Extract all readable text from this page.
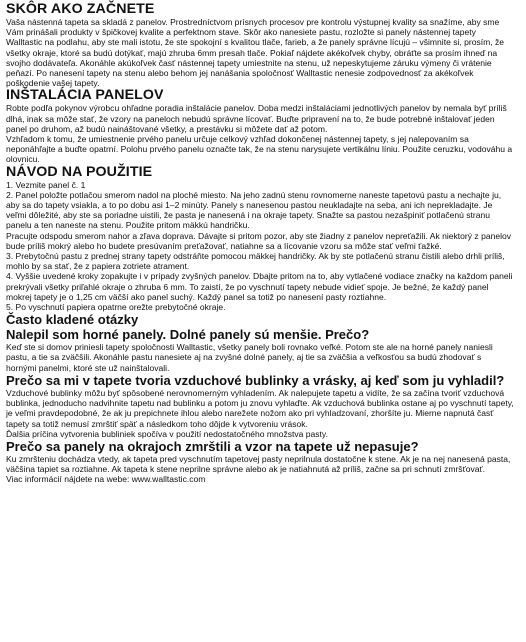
SKÔR AKO ZAČNETE

Vaša nástenná tapeta sa skladá z panelov. Prostredníctvom prísnych procesov pre kontrolu výstupnej kvality sa snažíme, aby sme Vám prinášali produkty v špičkovej kvalite a perfektnom stave. Skôr ako nanesiete pastu, rozložte si panely nástennej tapety Walltastic na podlahu, aby ste mali istotu, že ste spokojní s kvalitou tlače, farieb, a že panely správne lícujú – všimnite si, prosím, že všetky okraje, ktoré sa budú dotýkať, majú zhruba 6mm presah tlače. Pokiaľ nájdete akékoľvek chyby, obráťte sa prosím ihneď na svojho dodávateľa. Akonáhle akúkoľvek časť nástennej tapety umiestnite na stenu, už nepeskytujeme záruku výmeny či vrátenie peňazí. Po nanesení tapety na stenu alebo behom jej nanášania spoločnosť Walltastic nenesie zodpovednosť za akékoľvek poškodenie vašej tapety.

INŠTALÁCIA PANELOV

Robte podľa pokynov výrobcu ohľadne poradia inštalácie panelov. Doba medzi inštaláciami jednotlivých panelov by nemala byť príliš dlhá, inak sa môže stať, že vzory na paneloch nebudú správne lícovať. Buďte pripravení na to, že bude potrebné inštalovať jeden panel po druhom, až budú naináštované všetky, a prestávku si môžete dať až potom.

Vzhľadom k tomu, že umiestnenie prvého panelu určuje celkový vzhľad dokončenej nástennej tapety, s jej nalepovaním sa neponáhľajte a buďte opatrní. Polohu prvého panelu označte tak, že na stenu narysujete vertikálnu líniu. Použite ceruzku, vodováhu a olovnicu.

NÁVOD NA POUŽITIE

1. Vezmite panel č. 1

2. Panel položte potlačou smerom nadol na ploché miesto. Na jeho zadnú stenu rovnomerne naneste tapetovú pastu a nechajte ju, aby sa do tapety vsiakla, a to po dobu asi 1–2 minúty. Panely s nanesenou pastou neukladajte na seba, ani ich neprekladajte. Je veľmi dôležité, aby ste sa poriadne uistili, že pasta je nanesená i na okraje tapety. Snažte sa pastou nezašpiniť potlačenú stranu panelu a ten naneste na stenu. Použite pritom mäkkú handričku.

Pracujte odspodu smerom nahor a zľava doprava. Dávajte si pritom pozor, aby ste žiadny z panelov nepreťažili. Ak niektorý z panelov bude príliš mokrý alebo ho budete presúvaním preťažovať, natiahne sa a lícovanie vzoru sa môže stať veľmi ťažké.

3. Prebytočnú pastu z prednej strany tapety odstráňte pomocou mäkkej handričky. Ak by ste potlačenú stranu čistili alebo drhli príliš, mohlo by sa stať, že z papiera zotriete atrament.

4. Vyššie uvedené kroky zopakujte i v prípady zvyšných panelov. Dbajte pritom na to, aby vytlačené vodiace značky na každom paneli prekrývali všetky priľahlé okraje o zhruba 6 mm. To zaistí, že po vyschnutí tapety nebude vidieť spoje. Je bežné, že každý panel mokrej tapety je o 1,25 cm väčší ako panel suchý. Každý panel sa totiž po nanesení pasty roztiahne.

5. Po vyschnutí papiera opatrne orežte prebytočné okraje.

Často kladené otázky
Nalepil som horné panely. Dolné panely sú menšie. Prečo?

Keď ste si domov priniesli tapety spoločnosti Walltastic, všetky panely boli rovnako veľké. Potom ste ale na horné panely naniesli pastu, a tie sa zväčšili. Akonáhle pastu nanesiete aj na zvyšné dolné panely, aj tie sa zväčšia a veľkosťou sa budú zhodovať s hornými panelmi, ktoré ste už nainštalovali.

Prečo sa mi v tapete tvoria vzduchové bublinky a vrásky, aj keď som ju vyhladil?

Vzduchové bublinky môžu byť spôsobené nerovnomerným vyhladením. Ak nalepujete tapetu a vidíte, že sa začína tvoriť vzduchová bublinka, jednoducho nadvihnite tapetu nad bublinku a potom ju znovu vyhlaďte. Ak vzduchová bublinka ostane aj po vyschnutí tapety, je veľmi pravdepodobné, že ak ju prepichnete ihlou alebo narežete nožom ako pri vyhladzovaní, zhoršíte ju. Mierne napnutá časť tapety sa totiž nemusí zmrštiť späť a následkom toho dôjde k vytvoreniu vrások.

Ďalšia príčina vytvorenia bubliniek spočíva v použití nedostatočného množstva pasty.

Prečo sa panely na okrajoch zmrštili a vzor na tapete už nepasuje?

Ku zmršteniu dochádza vtedy, ak tapeta pred vyschnutím tapetovej pasty neprilnula dostatočne k stene. Ak je na nej nanesená pasta, väčšina tapiet sa roztiahne. Ak tapeta k stene neprilne správne alebo ak je natiahnutá až príliš, začne sa pri schnutí zmršťovať.

Viac informácií nájdete na webe: www.walltastic.com
